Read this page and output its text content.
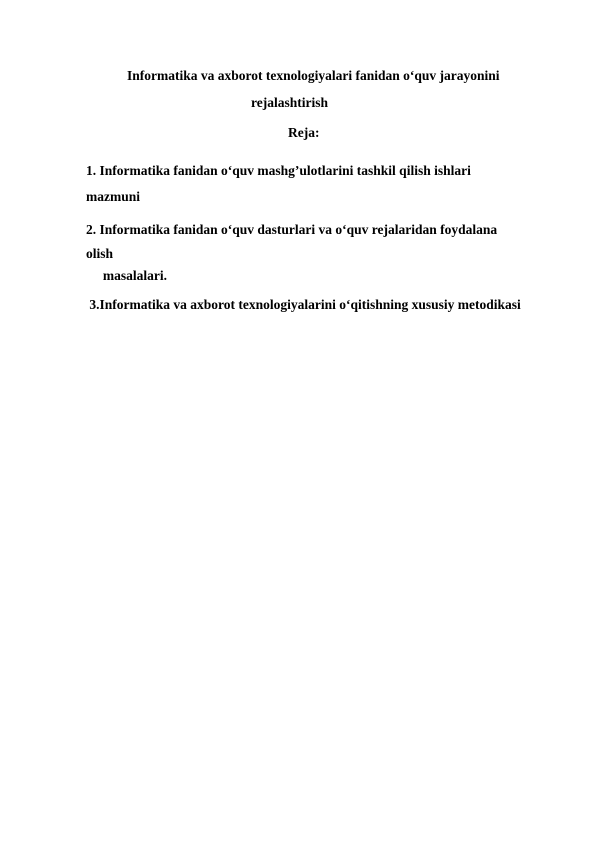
Informatika va axborot texnologiyalari fanidan o‘quv jarayonini

rejalashtirish

Reja:

1. Informatika fanidan o‘quv mashg’ulotlarini tashkil qilish ishlari

mazmuni

2. Informatika fanidan o‘quv dasturlari va o‘quv rejalaridan foydalana

olish

masalalari.

3.Informatika va axborot texnologiyalarini o‘qitishning xususiy metodikasi
